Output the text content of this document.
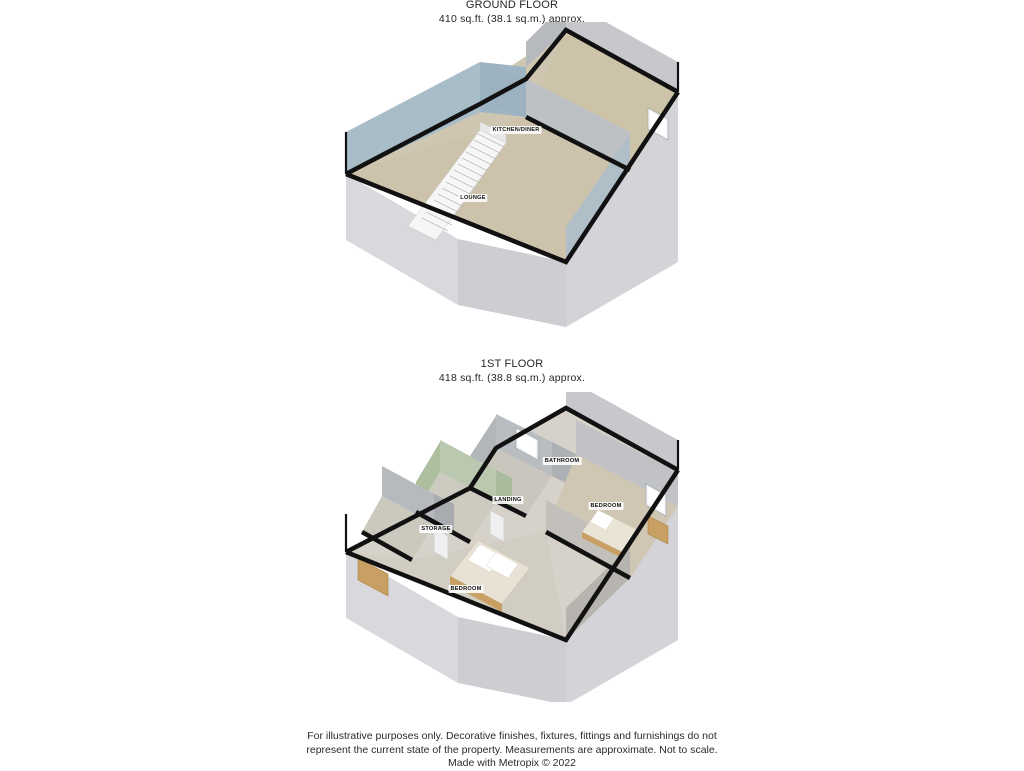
GROUND FLOOR
410 sq.ft. (38.1 sq.m.) approx.
KITCHEN/DINER
LOUNGE
1ST FLOOR
418 sq.ft. (38.8 sq.m.) approx.
BATHROOM
LANDING
STORAGE
BEDROOM
BEDROOM
For illustrative purposes only. Decorative finishes, fixtures, fittings and furnishings do not
represent the current state of the property. Measurements are approximate. Not to scale.
Made with Metropix © 2022
